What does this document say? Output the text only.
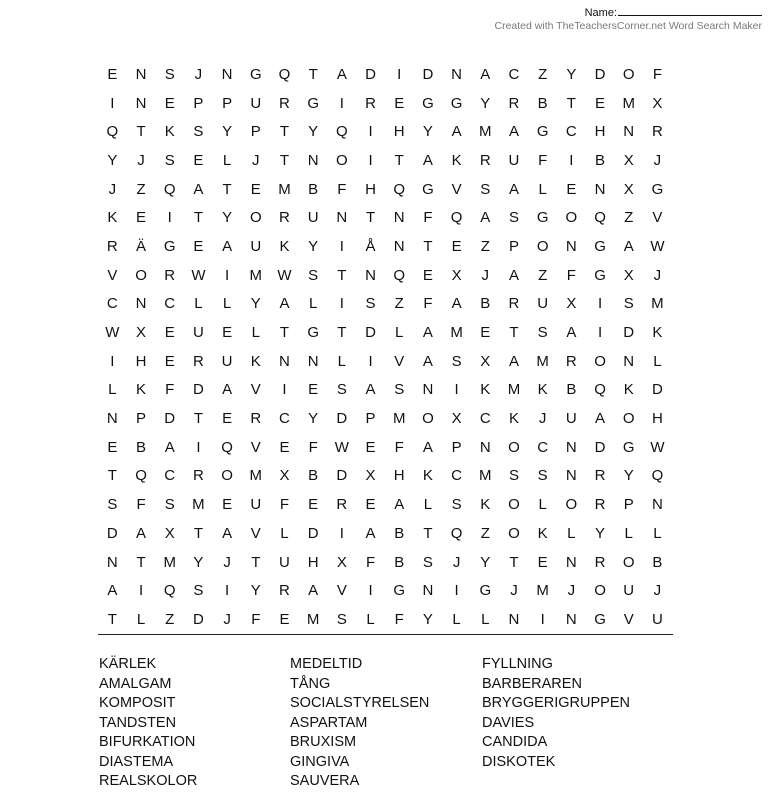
Name:
Created with TheTeachersCorner.net Word Search Maker
E	N	S	J	N	G	Q	T	A	D	I	D	N	A	C	Z	Y	D	O	F
I	N	E	P	P	U	R	G	I	R	E	G	G	Y	R	B	T	E	M	X
Q	T	K	S	Y	P	T	Y	Q	I	H	Y	A	M	A	G	C	H	N	R
Y	J	S	E	L	J	T	N	O	I	T	A	K	R	U	F	I	B	X	J
J	Z	Q	A	T	E	M	B	F	H	Q	G	V	S	A	L	E	N	X	G
K	E	I	T	Y	O	R	U	N	T	N	F	Q	A	S	G	O	Q	Z	V
R	Ä	G	E	A	U	K	Y	I	Å	N	T	E	Z	P	O	N	G	A	W
V	O	R	W	I	M	W	S	T	N	Q	E	X	J	A	Z	F	G	X	J
C	N	C	L	L	Y	A	L	I	S	Z	F	A	B	R	U	X	I	S	M
W	X	E	U	E	L	T	G	T	D	L	A	M	E	T	S	A	I	D	K
I	H	E	R	U	K	N	N	L	I	V	A	S	X	A	M	R	O	N	L
L	K	F	D	A	V	I	E	S	A	S	N	I	K	M	K	B	Q	K	D
N	P	D	T	E	R	C	Y	D	P	M	O	X	C	K	J	U	A	O	H
E	B	A	I	Q	V	E	F	W	E	F	A	P	N	O	C	N	D	G	W
T	Q	C	R	O	M	X	B	D	X	H	K	C	M	S	S	N	R	Y	Q
S	F	S	M	E	U	F	E	R	E	A	L	S	K	O	L	O	R	P	N
D	A	X	T	A	V	L	D	I	A	B	T	Q	Z	O	K	L	Y	L	L
N	T	M	Y	J	T	U	H	X	F	B	S	J	Y	T	E	N	R	O	B
A	I	Q	S	I	Y	R	A	V	I	G	N	I	G	J	M	J	O	U	J
T	L	Z	D	J	F	E	M	S	L	F	Y	L	L	N	I	N	G	V	U
KÄRLEK
AMALGAM
KOMPOSIT
TANDSTEN
BIFURKATION
DIASTEMA
REALSKOLOR
MEDELTID
TÅNG
SOCIALSTYRELSEN
ASPARTAM
BRUXISM
GINGIVA
SAUVERA
FYLLNING
BARBERAREN
BRYGGERIGRUPPEN
DAVIES
CANDIDA
DISKOTEK
